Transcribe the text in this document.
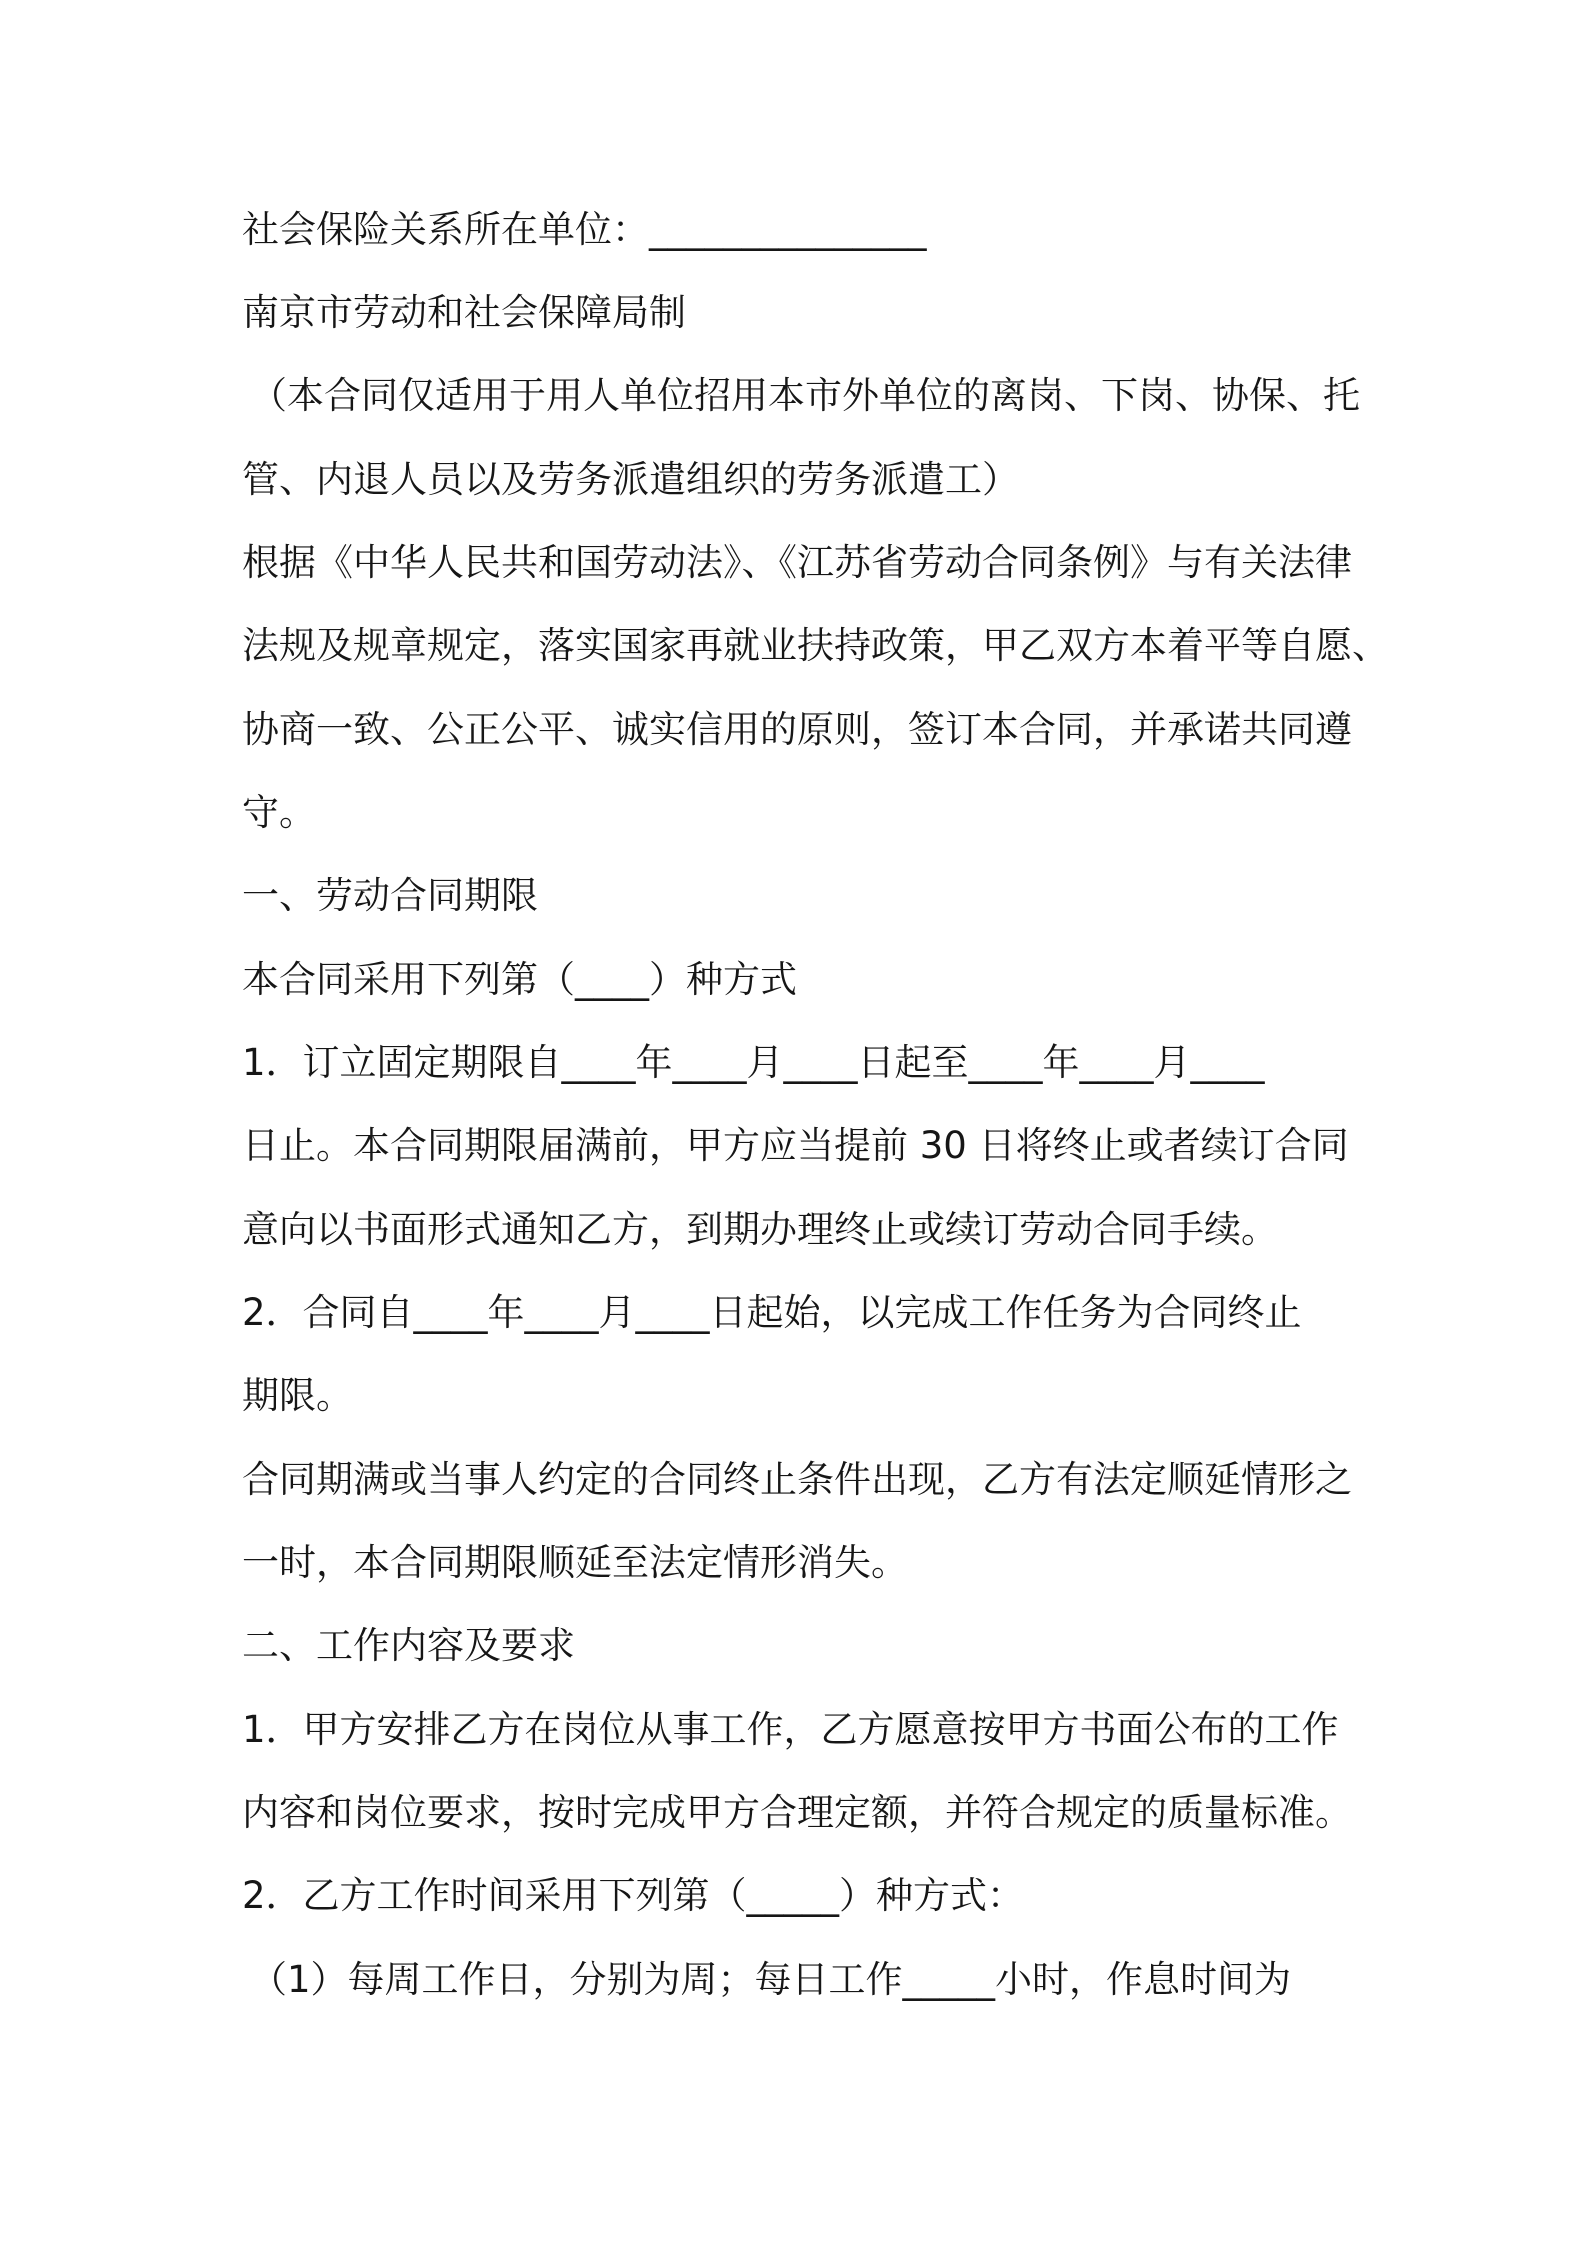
社会保险关系所在单位：_______________
南京市劳动和社会保障局制
（本合同仅适用于用人单位招用本市外单位的离岗、下岗、协保、托
管、内退人员以及劳务派遣组织的劳务派遣工）
根据《中华人民共和国劳动法》、《江苏省劳动合同条例》与有关法律
法规及规章规定，落实国家再就业扶持政策，甲乙双方本着平等自愿、
协商一致、公正公平、诚实信用的原则，签订本合同，并承诺共同遵
守。
一、劳动合同期限
本合同采用下列第（____）种方式
1．订立固定期限自____年____月____日起至____年____月____
日止。本合同期限届满前，甲方应当提前 30 日将终止或者续订合同
意向以书面形式通知乙方，到期办理终止或续订劳动合同手续。
2．合同自____年____月____日起始，以完成工作任务为合同终止
期限。
合同期满或当事人约定的合同终止条件出现，乙方有法定顺延情形之
一时，本合同期限顺延至法定情形消失。
二、工作内容及要求
1．甲方安排乙方在岗位从事工作，乙方愿意按甲方书面公布的工作
内容和岗位要求，按时完成甲方合理定额，并符合规定的质量标准。
2．乙方工作时间采用下列第（_____）种方式：
（1）每周工作日，分别为周；每日工作_____小时，作息时间为
